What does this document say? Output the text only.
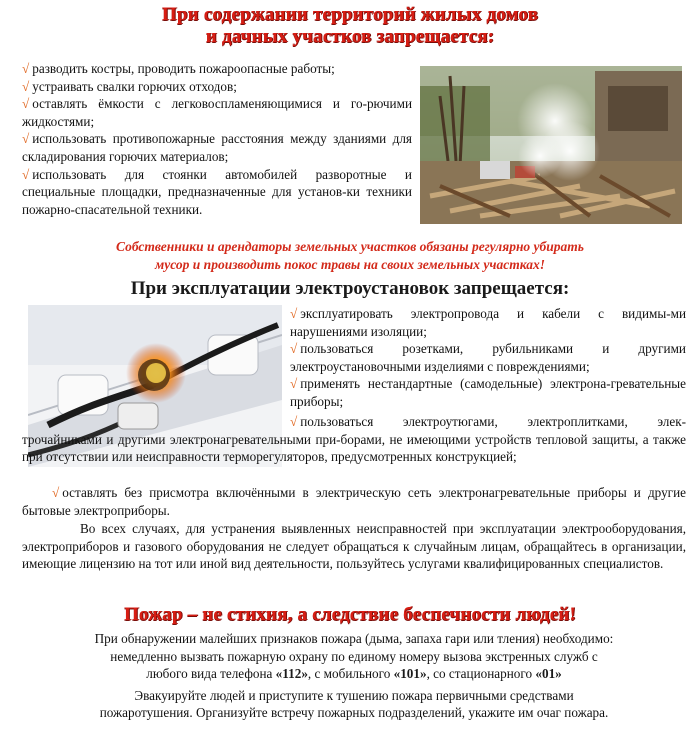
При содержании территорий жилых домов
и дачных участков запрещается:

√ разводить костры, проводить пожароопасные работы;

√ устраивать свалки горючих отходов;

√ оставлять ёмкости с легковоспламеняющимися и го-рючими жидкостями;

√ использовать противопожарные расстояния между зданиями для складирования горючих материалов;

√ использовать для стоянки автомобилей разворотные и специальные площадки, предназначенные для установ-ки техники пожарно-спасательной техники.

Собственники и арендаторы земельных участков обязаны регулярно убирать
мусор и производить покос травы на своих земельных участках!
При эксплуатации электроустановок запрещается:

√ эксплуатировать электропровода и кабели с видимы-ми нарушениями изоляции;

√ пользоваться розетками, рубильниками и другими электроустановочными изделиями с повреждениями;

√ применять нестандартные (самодельные) электрона-гревательные приборы;

√ пользоваться электроутюгами, электроплитками, элек-трочайниками и другими электронагревательными при-борами, не имеющими устройств тепловой защиты, а также при отсутствии или неисправности терморегуляторов, предусмотренных конструкцией;

√ оставлять без присмотра включёнными в электрическую сеть электронагревательные приборы и другие бытовые электроприборы.

Во всех случаях, для устранения выявленных неисправностей при эксплуатации электрооборудования, электроприборов и газового оборудования не следует обращаться к случайным лицам, обращайтесь в организации, имеющие лицензию на тот или иной вид деятельности, пользуйтесь услугами квалифицированных специалистов.

Пожар – не стихия, а следствие беспечности людей!

При обнаружении малейших признаков пожара (дыма, запаха гари или тления) необходимо:

немедленно вызвать пожарную охрану по единому номеру вызова экстренных служб с

любого вида телефона «112», с мобильного «101», со стационарного «01»

Эвакуируйте людей и приступите к тушению пожара первичными средствами

пожаротушения. Организуйте встречу пожарных подразделений, укажите им очаг пожара.
